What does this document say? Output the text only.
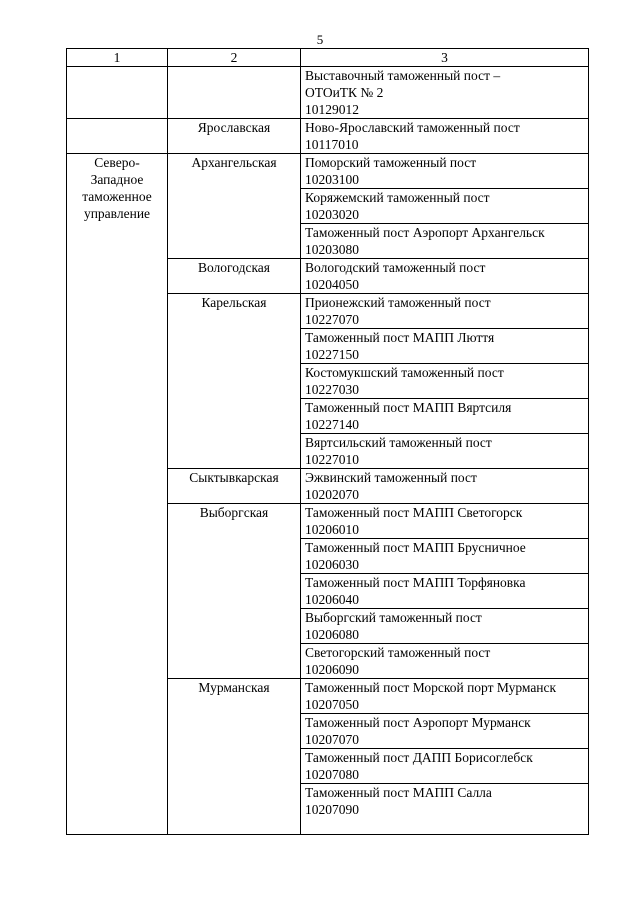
5
1	2	3

		Выставочный таможенный пост –
ОТОиТК № 2
10129012

	Ярославская	Ново-Ярославский таможенный пост
10117010

Северо-
Западное
таможенное
управление	Архангельская	Поморский таможенный пост
10203100

		Коряжемский таможенный пост
10203020

		Таможенный пост Аэропорт Архангельск
10203080

	Вологодская	Вологодский таможенный пост
10204050

	Карельская	Прионежский таможенный пост
10227070

		Таможенный пост МАПП Люття
10227150

		Костомукшский таможенный пост
10227030

		Таможенный пост МАПП Вяртсиля
10227140

		Вяртсильский таможенный пост
10227010

	Сыктывкарская	Эжвинский таможенный пост
10202070

	Выборгская	Таможенный пост МАПП Светогорск
10206010

		Таможенный пост МАПП Брусничное
10206030

		Таможенный пост МАПП Торфяновка
10206040

		Выборгский таможенный пост
10206080

		Светогорский таможенный пост
10206090

	Мурманская	Таможенный пост Морской порт Мурманск
10207050

		Таможенный пост Аэропорт Мурманск
10207070

		Таможенный пост ДАПП Борисоглебск
10207080

		Таможенный пост МАПП Салла
10207090
